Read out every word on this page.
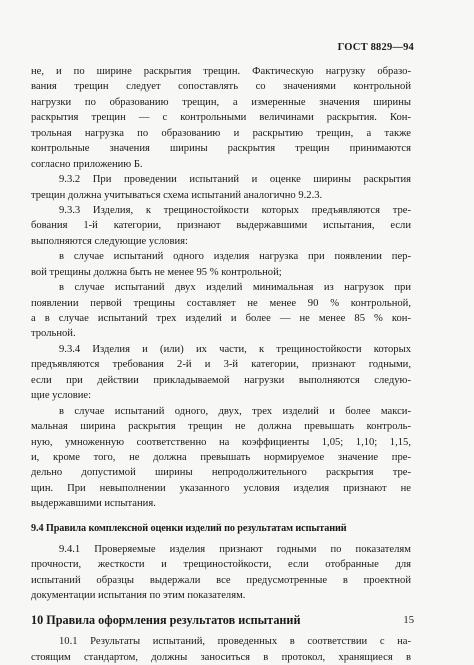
ГОСТ 8829—94
не, и по ширине раскрытия трещин. Фактическую нагрузку образо-
вания трещин следует сопоставлять со значениями контрольной
нагрузки по образованию трещин, а измеренные значения ширины
раскрытия трещин — с контрольными величинами раскрытия. Кон-
трольная нагрузка по образованию и раскрытию трещин, а также
контрольные значения ширины раскрытия трещин принимаются
согласно приложению Б.
9.3.2 При проведении испытаний и оценке ширины раскрытия
трещин должна учитываться схема испытаний аналогично 9.2.3.
9.3.3 Изделия, к трещиностойкости которых предъявляются тре-
бования 1-й категории, признают выдержавшими испытания, если
выполняются следующие условия:
в случае испытаний одного изделия нагрузка при появлении пер-
вой трещины должна быть не менее 95 % контрольной;
в случае испытаний двух изделий минимальная из нагрузок при
появлении первой трещины составляет не менее 90 % контрольной,
а в случае испытаний трех изделий и более — не менее 85 % кон-
трольной.
9.3.4 Изделия и (или) их части, к трещиностойкости которых
предъявляются требования 2-й и 3-й категории, признают годными,
если при действии прикладываемой нагрузки выполняются следую-
щие условие:
в случае испытаний одного, двух, трех изделий и более макси-
мальная ширина раскрытия трещин не должна превышать контроль-
ную, умноженную соответственно на коэффициенты 1,05; 1,10; 1,15,
и, кроме того, не должна превышать нормируемое значение пре-
дельно допустимой ширины непродолжительного раскрытия тре-
щин. При невыполнении указанного условия изделия признают не
выдержавшими испытания.
9.4 Правила комплексной оценки изделий по результатам испытаний
9.4.1 Проверяемые изделия признают годными по показателям
прочности, жесткости и трещиностойкости, если отобранные для
испытаний образцы выдержали все предусмотренные в проектной
документации испытания по этим показателям.
10 Правила оформления результатов испытаний
10.1 Результаты испытаний, проведенных в соответствии с на-
стоящим стандартом, должны заноситься в протокол, хранящиеся в
15
